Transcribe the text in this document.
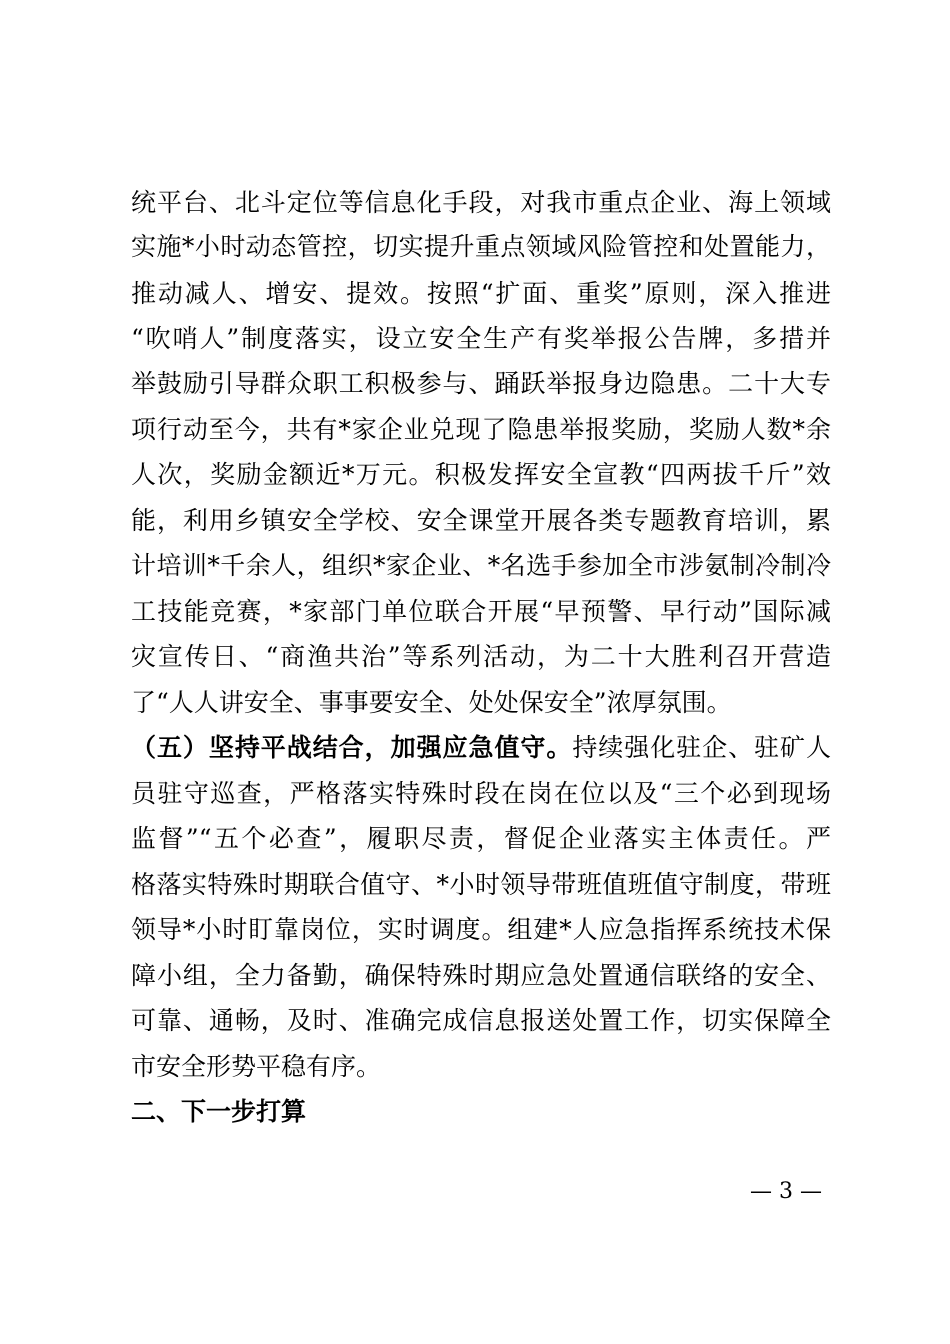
统平台、北斗定位等信息化手段，对我市重点企业、海上领域
实施*小时动态管控，切实提升重点领域风险管控和处置能力，
推动减人、增安、提效。按照“扩面、重奖”原则，深入推进
“吹哨人”制度落实，设立安全生产有奖举报公告牌，多措并
举鼓励引导群众职工积极参与、踊跃举报身边隐患。二十大专
项行动至今，共有*家企业兑现了隐患举报奖励，奖励人数*余
人次，奖励金额近*万元。积极发挥安全宣教“四两拔千斤”效
能，利用乡镇安全学校、安全课堂开展各类专题教育培训，累
计培训*千余人，组织*家企业、*名选手参加全市涉氨制冷制冷
工技能竞赛，*家部门单位联合开展“早预警、早行动”国际减
灾宣传日、“商渔共治”等系列活动，为二十大胜利召开营造
了“人人讲安全、事事要安全、处处保安全”浓厚氛围。
（五）坚持平战结合，加强应急值守。持续强化驻企、驻矿人
员驻守巡查，严格落实特殊时段在岗在位以及“三个必到现场
监督”“五个必查”，履职尽责，督促企业落实主体责任。严
格落实特殊时期联合值守、*小时领导带班值班值守制度，带班
领导*小时盯靠岗位，实时调度。组建*人应急指挥系统技术保
障小组，全力备勤，确保特殊时期应急处置通信联络的安全、
可靠、通畅，及时、准确完成信息报送处置工作，切实保障全
市安全形势平稳有序。
二、下一步打算
— 3 —
